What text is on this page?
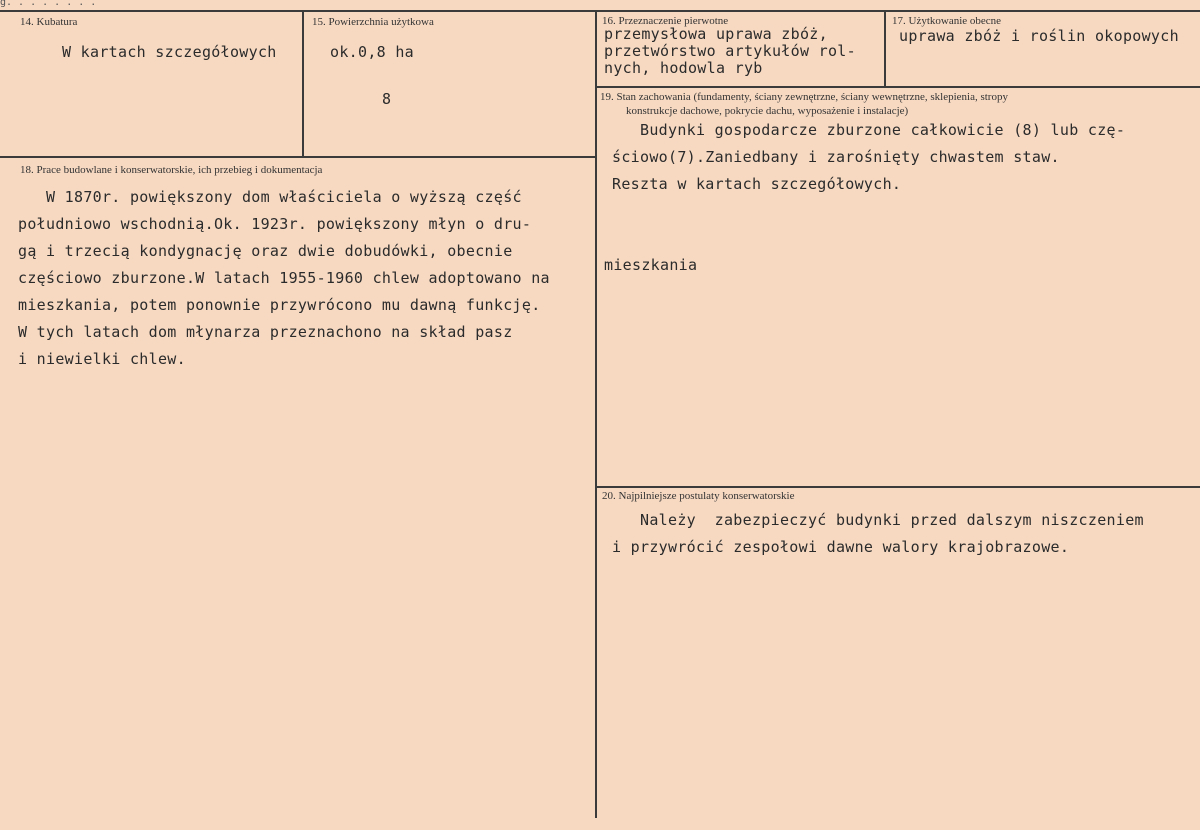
14. Kubatura
W kartach szczegółowych
15. Powierzchnia użytkowa
ok.0,8 ha
8
16. Przeznaczenie pierwotne
przemysłowa uprawa zbóż,
przetwórstwo artykułów rol-
nych, hodowla ryb
17. Użytkowanie obecne
uprawa zbóż i roślin okopowych
18. Prace budowlane i konserwatorskie, ich przebieg i dokumentacja
W 1870r. powiększony dom właściciela o wyższą część
południowo wschodnią.Ok. 1923r. powiększony młyn o dru-
gą i trzecią kondygnację oraz dwie dobudówki, obecnie
częściowo zburzone.W latach 1955-1960 chlew adoptowano na
mieszkania, potem ponownie przywrócono mu dawną funkcję.
W tych latach dom młynarza przeznachono na skład pasz
i niewielki chlew.
mieszkania
19. Stan zachowania (fundamenty, ściany zewnętrzne, ściany wewnętrzne, sklepienia, stropy
konstrukcje dachowe, pokrycie dachu, wyposażenie i instalacje)
Budynki gospodarcze zburzone całkowicie (8) lub czę-
ściowo(7).Zaniedbany i zarośnięty chwastem staw.
Reszta w kartach szczegółowych.
20. Najpilniejsze postulaty konserwatorskie
Należy  zabezpieczyć budynki przed dalszym niszczeniem
i przywrócić zespołowi dawne walory krajobrazowe.
g. . . . . . . .
